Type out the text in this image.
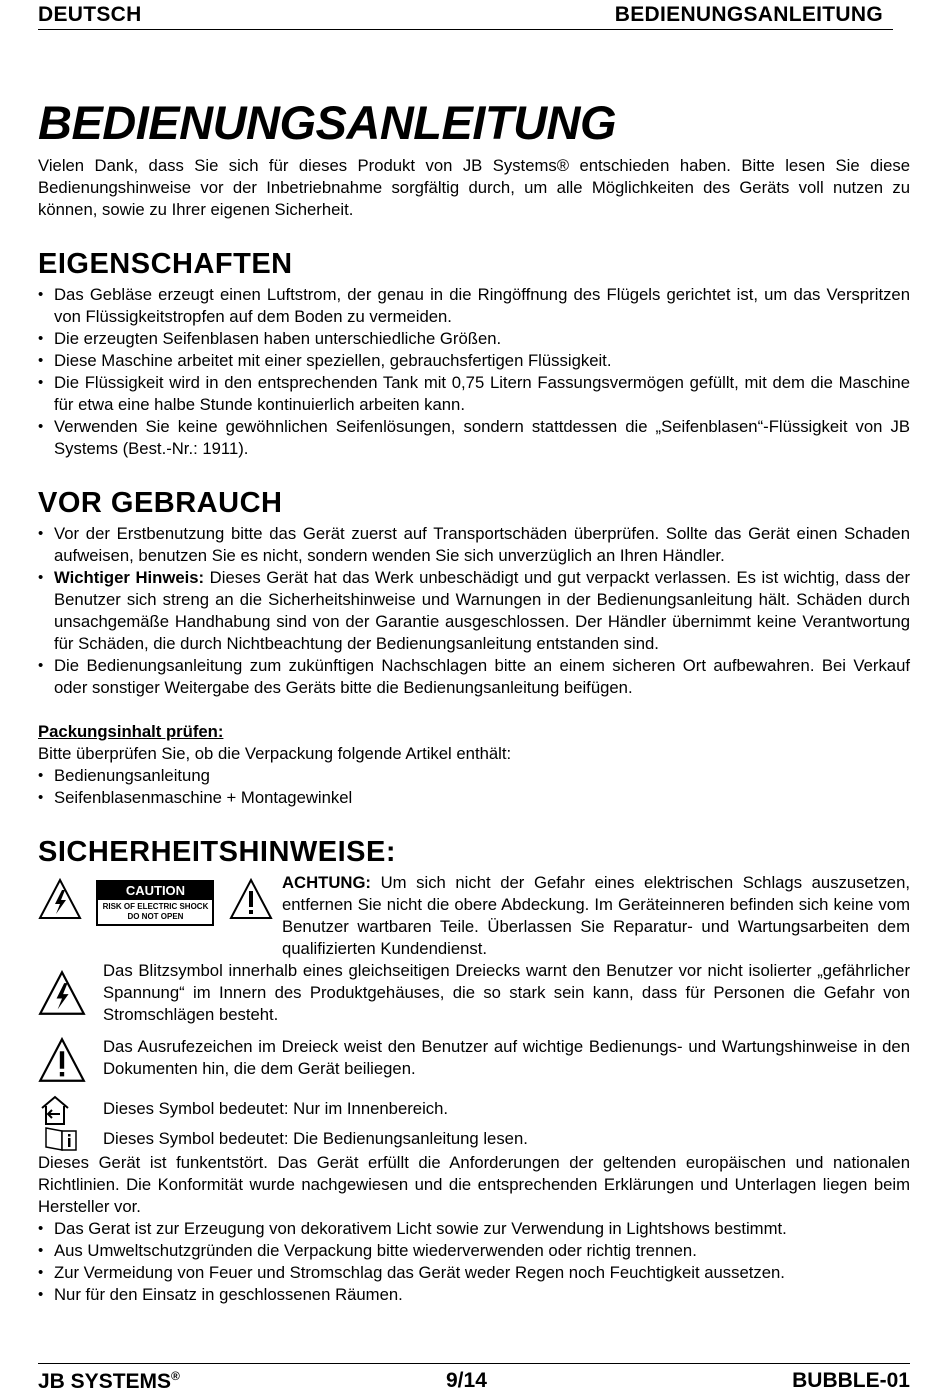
DEUTSCH	BEDIENUNGSANLEITUNG
BEDIENUNGSANLEITUNG

Vielen Dank, dass Sie sich für dieses Produkt von JB Systems® entschieden haben. Bitte lesen Sie diese Bedienungshinweise vor der Inbetriebnahme sorgfältig durch, um alle Möglichkeiten des Geräts voll nutzen zu können, sowie zu Ihrer eigenen Sicherheit.

EIGENSCHAFTEN
• Das Gebläse erzeugt einen Luftstrom, der genau in die Ringöffnung des Flügels gerichtet ist, um das Verspritzen von Flüssigkeitstropfen auf dem Boden zu vermeiden.
• Die erzeugten Seifenblasen haben unterschiedliche Größen.
• Diese Maschine arbeitet mit einer speziellen, gebrauchsfertigen Flüssigkeit.
• Die Flüssigkeit wird in den entsprechenden Tank mit 0,75 Litern Fassungsvermögen gefüllt, mit dem die Maschine für etwa eine halbe Stunde kontinuierlich arbeiten kann.
• Verwenden Sie keine gewöhnlichen Seifenlösungen, sondern stattdessen die „Seifenblasen“-Flüssigkeit von JB Systems (Best.-Nr.: 1911).
VOR GEBRAUCH
• Vor der Erstbenutzung bitte das Gerät zuerst auf Transportschäden überprüfen. Sollte das Gerät einen Schaden aufweisen, benutzen Sie es nicht, sondern wenden Sie sich unverzüglich an Ihren Händler.
• Wichtiger Hinweis: Dieses Gerät hat das Werk unbeschädigt und gut verpackt verlassen. Es ist wichtig, dass der Benutzer sich streng an die Sicherheitshinweise und Warnungen in der Bedienungsanleitung hält. Schäden durch unsachgemäße Handhabung sind von der Garantie ausgeschlossen. Der Händler übernimmt keine Verantwortung für Schäden, die durch Nichtbeachtung der Bedienungsanleitung entstanden sind.
• Die Bedienungsanleitung zum zukünftigen Nachschlagen bitte an einem sicheren Ort aufbewahren. Bei Verkauf oder sonstiger Weitergabe des Geräts bitte die Bedienungsanleitung beifügen.

Packungsinhalt prüfen:

Bitte überprüfen Sie, ob die Verpackung folgende Artikel enthält:

• Bedienungsanleitung
• Seifenblasenmaschine + Montagewinkel
SICHERHEITSHINWEISE:

CAUTION
RISK OF ELECTRIC SHOCK
DO NOT OPEN

ACHTUNG: Um sich nicht der Gefahr eines elektrischen Schlags auszusetzen, entfernen Sie nicht die obere Abdeckung. Im Geräteinneren befinden sich keine vom Benutzer wartbaren Teile. Überlassen Sie Reparatur- und Wartungsarbeiten dem qualifizierten Kundendienst.

Das Blitzsymbol innerhalb eines gleichseitigen Dreiecks warnt den Benutzer vor nicht isolierter „gefährlicher Spannung“ im Innern des Produktgehäuses, die so stark sein kann, dass für Personen die Gefahr von Stromschlägen besteht.

Das Ausrufezeichen im Dreieck weist den Benutzer auf wichtige Bedienungs- und Wartungshinweise in den Dokumenten hin, die dem Gerät beiliegen.

Dieses Symbol bedeutet: Nur im Innenbereich.

Dieses Symbol bedeutet: Die Bedienungsanleitung lesen.

Dieses Gerät ist funkentstört. Das Gerät erfüllt die Anforderungen der geltenden europäischen und nationalen Richtlinien. Die Konformität wurde nachgewiesen und die entsprechenden Erklärungen und Unterlagen liegen beim Hersteller vor.

• Das Gerat ist zur Erzeugung von dekorativem Licht sowie zur Verwendung in Lightshows bestimmt.
• Aus Umweltschutzgründen die Verpackung bitte wiederverwenden oder richtig trennen.
• Zur Vermeidung von Feuer und Stromschlag das Gerät weder Regen noch Feuchtigkeit aussetzen.
• Nur für den Einsatz in geschlossenen Räumen.
JB SYSTEMS®	9/14	BUBBLE-01
